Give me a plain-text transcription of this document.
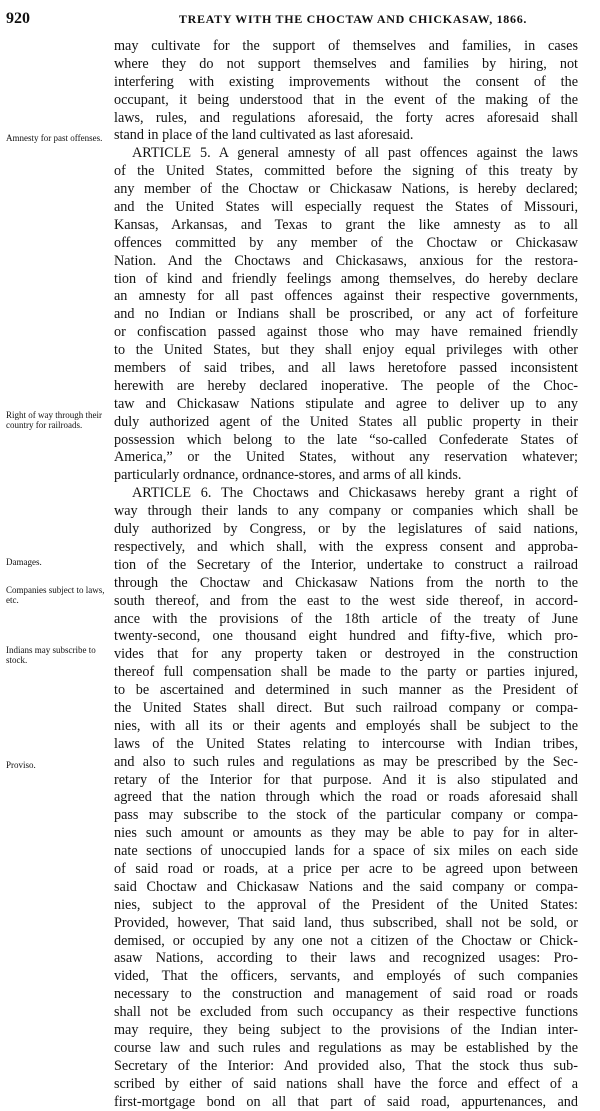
920	TREATY WITH THE CHOCTAW AND CHICKASAW, 1866.
Amnesty for past offenses.
Right of way through their country for railroads.
Damages.
Companies subject to laws, etc.
Indians may subscribe to stock.
Proviso.
may cultivate for the support of themselves and families, in cases
where they do not support themselves and families by hiring, not
interfering with existing improvements without the consent of the
occupant, it being understood that in the event of the making of the
laws, rules, and regulations aforesaid, the forty acres aforesaid shall
stand in place of the land cultivated as last aforesaid.
ARTICLE 5. A general amnesty of all past offences against the laws
of the United States, committed before the signing of this treaty by
any member of the Choctaw or Chickasaw Nations, is hereby declared;
and the United States will especially request the States of Missouri,
Kansas, Arkansas, and Texas to grant the like amnesty as to all
offences committed by any member of the Choctaw or Chickasaw
Nation. And the Choctaws and Chickasaws, anxious for the restora-
tion of kind and friendly feelings among themselves, do hereby declare
an amnesty for all past offences against their respective governments,
and no Indian or Indians shall be proscribed, or any act of forfeiture
or confiscation passed against those who may have remained friendly
to the United States, but they shall enjoy equal privileges with other
members of said tribes, and all laws heretofore passed inconsistent
herewith are hereby declared inoperative. The people of the Choc-
taw and Chickasaw Nations stipulate and agree to deliver up to any
duly authorized agent of the United States all public property in their
possession which belong to the late “so-called Confederate States of
America,” or the United States, without any reservation whatever;
particularly ordnance, ordnance-stores, and arms of all kinds.
ARTICLE 6. The Choctaws and Chickasaws hereby grant a right of
way through their lands to any company or companies which shall be
duly authorized by Congress, or by the legislatures of said nations,
respectively, and which shall, with the express consent and approba-
tion of the Secretary of the Interior, undertake to construct a railroad
through the Choctaw and Chickasaw Nations from the north to the
south thereof, and from the east to the west side thereof, in accord-
ance with the provisions of the 18th article of the treaty of June
twenty-second, one thousand eight hundred and fifty-five, which pro-
vides that for any property taken or destroyed in the construction
thereof full compensation shall be made to the party or parties injured,
to be ascertained and determined in such manner as the President of
the United States shall direct. But such railroad company or compa-
nies, with all its or their agents and employés shall be subject to the
laws of the United States relating to intercourse with Indian tribes,
and also to such rules and regulations as may be prescribed by the Sec-
retary of the Interior for that purpose. And it is also stipulated and
agreed that the nation through which the road or roads aforesaid shall
pass may subscribe to the stock of the particular company or compa-
nies such amount or amounts as they may be able to pay for in alter-
nate sections of unoccupied lands for a space of six miles on each side
of said road or roads, at a price per acre to be agreed upon between
said Choctaw and Chickasaw Nations and the said company or compa-
nies, subject to the approval of the President of the United States:
Provided, however, That said land, thus subscribed, shall not be sold, or
demised, or occupied by any one not a citizen of the Choctaw or Chick-
asaw Nations, according to their laws and recognized usages: Pro-
vided, That the officers, servants, and employés of such companies
necessary to the construction and management of said road or roads
shall not be excluded from such occupancy as their respective functions
may require, they being subject to the provisions of the Indian inter-
course law and such rules and regulations as may be established by the
Secretary of the Interior: And provided also, That the stock thus sub-
scribed by either of said nations shall have the force and effect of a
first-mortgage bond on all that part of said road, appurtenances, and
